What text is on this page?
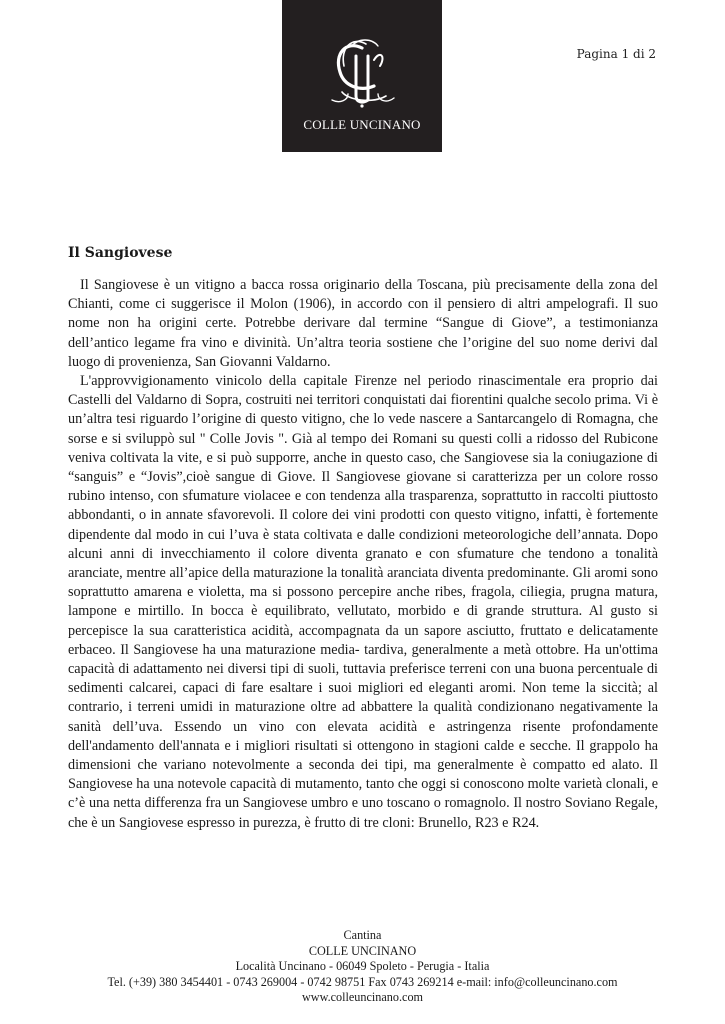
Pagina 1 di 2
COLLE UNCINANO
Il Sangiovese

Il Sangiovese è un vitigno a bacca rossa originario della Toscana, più precisamente della zona del Chianti, come ci suggerisce il Molon (1906), in accordo con il pensiero di altri ampelografi. Il suo nome non ha origini certe. Potrebbe derivare dal termine “Sangue di Giove”, a testimonianza dell’antico legame fra vino e divinità. Un’altra teoria sostiene che l’origine del suo nome derivi dal luogo di provenienza, San Giovanni Valdarno.

L'approvvigionamento vinicolo della capitale Firenze nel periodo rinascimentale era proprio dai Castelli del Valdarno di Sopra, costruiti nei territori conquistati dai fiorentini qualche secolo prima. Vi è un’altra tesi riguardo l’origine di questo vitigno, che lo vede nascere a Santarcangelo di Romagna, che sorse e si sviluppò sul " Colle Jovis ". Già al tempo dei Romani su questi colli a ridosso del Rubicone veniva coltivata la vite, e si può supporre, anche in questo caso, che Sangiovese sia la coniugazione di “sanguis” e “Jovis”,cioè sangue di Giove. Il Sangiovese giovane si caratterizza per un colore rosso rubino intenso, con sfumature violacee e con tendenza alla trasparenza, soprattutto in raccolti piuttosto abbondanti, o in annate sfavorevoli. Il colore dei vini prodotti con questo vitigno, infatti, è fortemente dipendente dal modo in cui l’uva è stata coltivata e dalle condizioni meteorologiche dell’annata. Dopo alcuni anni di invecchiamento il colore diventa granato e con sfumature che tendono a tonalità aranciate, mentre all’apice della maturazione la tonalità aranciata diventa predominante. Gli aromi sono soprattutto amarena e violetta, ma si possono percepire anche ribes, fragola, ciliegia, prugna matura, lampone e mirtillo. In bocca è equilibrato, vellutato, morbido e di grande struttura. Al gusto si percepisce la sua caratteristica acidità, accompagnata da un sapore asciutto, fruttato e delicatamente erbaceo. Il Sangiovese ha una maturazione media- tardiva, generalmente a metà ottobre. Ha un'ottima capacità di adattamento nei diversi tipi di suoli, tuttavia preferisce terreni con una buona percentuale di sedimenti calcarei, capaci di fare esaltare i suoi migliori ed eleganti aromi. Non teme la siccità; al contrario, i terreni umidi in maturazione oltre ad abbattere la qualità condizionano negativamente la sanità dell’uva. Essendo un vino con elevata acidità e astringenza risente profondamente dell'andamento dell'annata e i migliori risultati si ottengono in stagioni calde e secche. Il grappolo ha dimensioni che variano notevolmente a seconda dei tipi, ma generalmente è compatto ed alato. Il Sangiovese ha una notevole capacità di mutamento, tanto che oggi si conoscono molte varietà clonali, e c’è una netta differenza fra un Sangiovese umbro e uno toscano o romagnolo. Il nostro Soviano Regale, che è un Sangiovese espresso in purezza, è frutto di tre cloni: Brunello, R23 e R24.

Cantina
COLLE UNCINANO
Località Uncinano - 06049 Spoleto - Perugia - Italia
Tel. (+39) 380 3454401 - 0743 269004 - 0742 98751 Fax 0743 269214 e-mail: info@colleuncinano.com
www.colleuncinano.com
